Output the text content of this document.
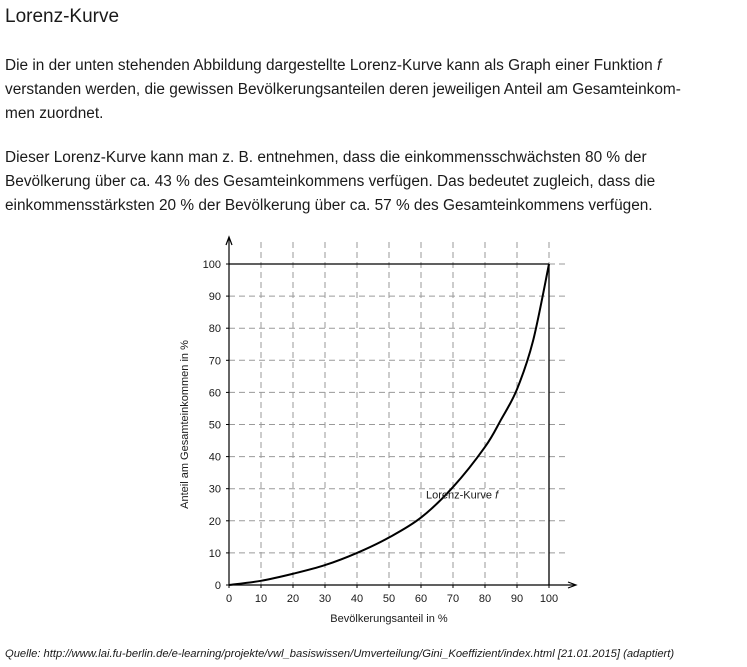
Lorenz-Kurve
Die in der unten stehenden Abbildung dargestellte Lorenz-Kurve kann als Graph einer Funktion f
verstanden werden, die gewissen Bevölkerungsanteilen deren jeweiligen Anteil am Gesamteinkom-
men zuordnet.
Dieser Lorenz-Kurve kann man z. B. entnehmen, dass die einkommensschwächsten 80 % der
Bevölkerung über ca. 43 % des Gesamteinkommens verfügen. Das bedeutet zugleich, dass die
einkommensstärksten 20 % der Bevölkerung über ca. 57 % des Gesamteinkommens verfügen.
0 10 20 30 40 50 60 70 80 90 100
0
10
20
30
40
50
60
70
80
90
100
Bevölkerungsanteil in %
Anteil am Gesamteinkommen in %	Lorenz-Kurve f
Quelle: http://www.lai.fu-berlin.de/e-learning/projekte/vwl_basiswissen/Umverteilung/Gini_Koeffizient/index.html [21.01.2015] (adaptiert)
